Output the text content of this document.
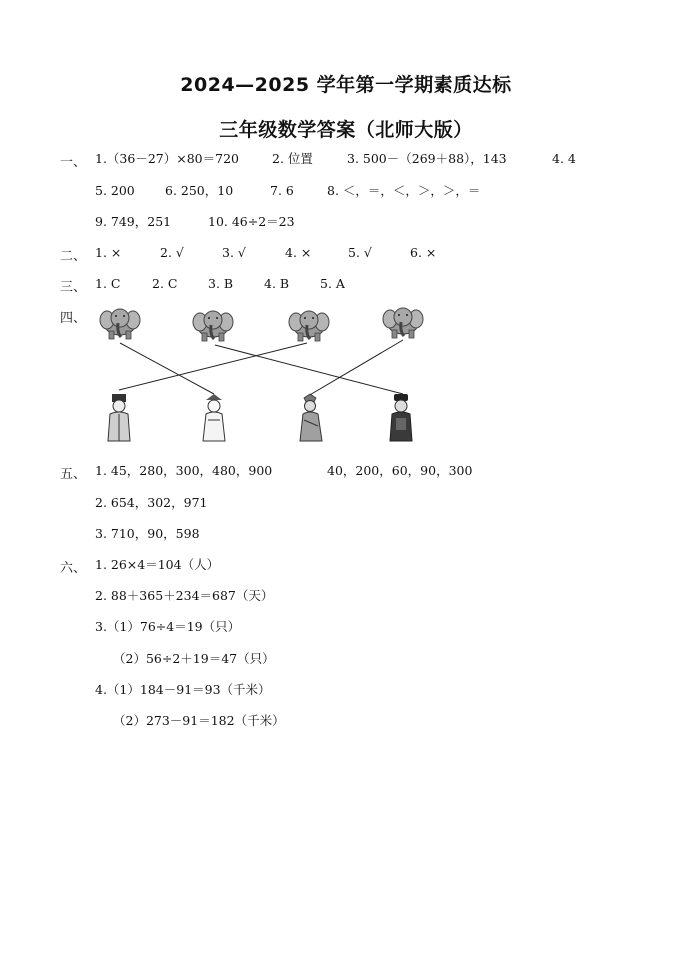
2024—2025 学年第一学期素质达标
三年级数学答案（北师大版）
一、 1.（36－27）×80＝720	2. 位置	3. 500－（269＋88），143	4. 4
5. 200 6. 250，10	7. 6	8. ＜，＝，＜，＞，＞，＝
9. 749，251	10. 46÷2＝23
二、 1. ×	2. √	3. √	4. ×	5. √	6. ×
三、 1. C	2. C 3. B 4. B 5. A
四、
五、 1. 45，280，300，480，900	40，200，60，90，300
2. 654，302，971
3. 710，90，598
六、 1. 26×4＝104（人）
2. 88＋365＋234＝687（天）
3.（1）76÷4＝19（只）
（2）56÷2＋19＝47（只）
4.（1）184－91＝93（千米）
（2）273－91＝182（千米）
